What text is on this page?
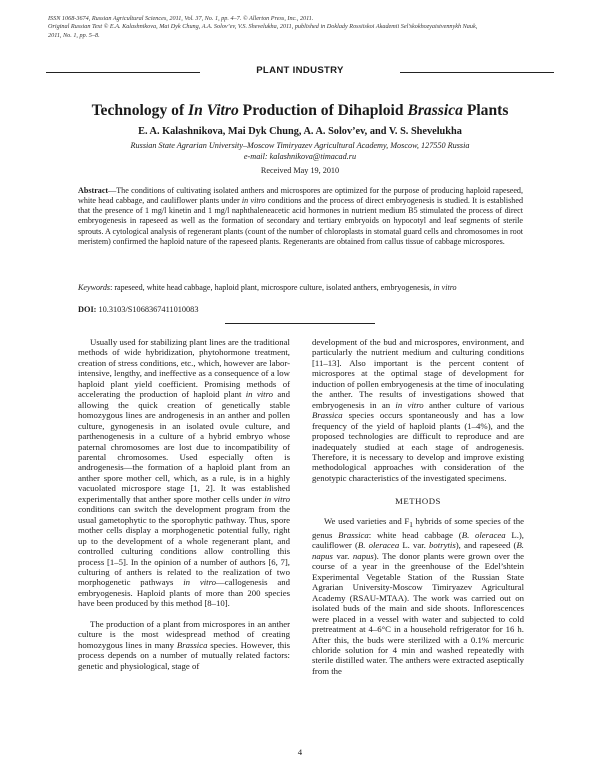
ISSN 1068-3674, Russian Agricultural Sciences, 2011, Vol. 37, No. 1, pp. 4–7. © Allerton Press, Inc., 2011.
Original Russian Text © E.A. Kalashnikova, Mai Dyk Chung, A.A. Solov’ev, V.S. Shevelukha, 2011, published in Doklady Rossiiskoi Akademii Sel’skokhozyaistvennykh Nauk,
2011, No. 1, pp. 5–8.
PLANT INDUSTRY
Technology of In Vitro Production of Dihaploid Brassica Plants
E. A. Kalashnikova, Mai Dyk Chung, A. A. Solov’ev, and V. S. Shevelukha
Russian State Agrarian University–Moscow Timiryazev Agricultural Academy, Moscow, 127550 Russia
e-mail: kalashnikova@timacad.ru
Received May 19, 2010
Abstract—The conditions of cultivating isolated anthers and microspores are optimized for the purpose of producing haploid rapeseed, white head cabbage, and cauliflower plants under in vitro conditions and the process of direct embryogenesis is studied. It is established that the presence of 1 mg/l kinetin and 1 mg/l naphthaleneacetic acid hormones in nutrient medium B5 stimulated the process of direct embryogenesis in rapeseed as well as the formation of secondary and tertiary embryoids on hypocotyl and leaf segments of sterile sprouts. A cytological analysis of regenerant plants (count of the number of chloroplasts in stomatal guard cells and chromosomes in root meristem) confirmed the haploid nature of the rapeseed plants. Regenerants are obtained from callus tissue of cabbage microspores.
Keywords: rapeseed, white head cabbage, haploid plant, microspore culture, isolated anthers, embryogenesis, in vitro
DOI: 10.3103/S1068367411010083

Usually used for stabilizing plant lines are the traditional methods of wide hybridization, phytohormone treatment, creation of stress conditions, etc., which, however are labor-intensive, lengthy, and ineffective as a consequence of a low haploid plant yield coefficient. Promising methods of accelerating the production of haploid plant in vitro and allowing the quick creation of genetically stable homozygous lines are androgenesis in an anther and pollen culture, gynogenesis in an isolated ovule culture, and parthenogenesis in a culture of a hybrid embryo whose paternal chromosomes are lost due to incompatibility of parental chromosomes. Used especially often is androgenesis—the formation of a haploid plant from an anther spore mother cell, which, as a rule, is in a highly vacuolated microspore stage [1, 2]. It was established experimentally that anther spore mother cells under in vitro conditions can switch the development program from the usual gametophytic to the sporophytic pathway. Thus, spore mother cells display a morphogenetic potential fully, right up to the development of a whole regenerant plant, and controlled culturing conditions allow controlling this process [1–5]. In the opinion of a number of authors [6, 7], culturing of anthers is related to the realization of two morphogenetic pathways in vitro—callogenesis and embryogenesis. Haploid plants of more than 200 species have been produced by this method [8–10].

The production of a plant from microspores in an anther culture is the most widespread method of creating homozygous lines in many Brassica species. However, this process depends on a number of mutually related factors: genetic and physiological, stage of

development of the bud and microspores, environment, and particularly the nutrient medium and culturing conditions [11–13]. Also important is the percent content of microspores at the optimal stage of development for induction of pollen embryogenesis at the time of inoculating the anther. The results of investigations showed that embryogenesis in an in vitro anther culture of various Brassica species occurs spontaneously and has a low frequency of the yield of haploid plants (1–4%), and the proposed technologies are difficult to reproduce and are inadequately studied at each stage of androgenesis. Therefore, it is necessary to develop and improve existing methodological approaches with consideration of the genotypic characteristics of the investigated specimens.

METHODS

We used varieties and $F_1$ hybrids of some species of the genus Brassica: white head cabbage (B. oleracea L.), cauliflower (B. oleracea L. var. botrytis), and rapeseed (B. napus var. napus). The donor plants were grown over the course of a year in the greenhouse of the Edel’shtein Experimental Vegetable Station of the Russian State Agrarian University-Moscow Timiryazev Agricultural Academy (RSAU-MTAA). The work was carried out on isolated buds of the main and side shoots. Inflorescences were placed in a vessel with water and subjected to cold pretreatment at 4–6°C in a household refrigerator for 16 h. After this, the buds were sterilized with a 0.1% mercuric chloride solution for 4 min and washed repeatedly with sterile distilled water. The anthers were extracted aseptically from the

4
